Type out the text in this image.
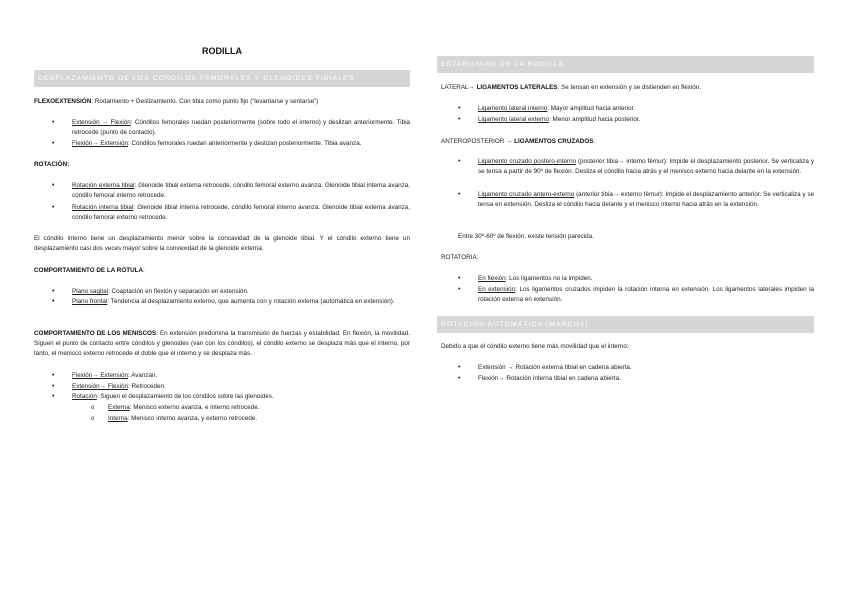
RODILLA
DESPLAZAMIENTO DE LOS CÓNDILOS FEMORALES Y GLENOIDES TIBIALES
FLEXOEXTENSIÓN: Rodamiento + Deslizamiento. Con tibia como punto fijo (“levantarse y sentarse”)
•	Extensión → Flexión: Cóndilos femorales ruedan posteriormente (sobre todo el interno) y deslizan anteriormente. Tibia retrocede (punto de contacto).
•	Flexión→ Extensión: Cóndilos femorales ruedan anteriormente y deslizan posteriormente. Tibia avanza.
ROTACIÓN:
•	Rotación externa tibial: Glenoide tibial externa retrocede, cóndilo femoral externo avanza. Glenoide tibial interna avanza, cóndilo femoral interno retrocede.
•	Rotación interna tibial: Glenoide tibial interna retrocede, cóndilo femoral interno avanza. Glenoide tibial externa avanza, cóndilo femoral externo retrocede.
El cóndilo interno tiene un desplazamiento menor sobre la concavidad de la glenoide tibial. Y el cóndilo externo tiene un desplazamiento casi dos veces mayor sobre la convexidad de la glenoide externa.
COMPORTAMIENTO DE LA RÓTULA:
•	Plano sagital: Coaptación en flexión y separación en extensión.
•	Plano frontal: Tendencia al desplazamiento externo, que aumenta con y rotación externa (automática en extensión).
COMPORTAMIENTO DE LOS MENISCOS: En extensión predomina la transmisión de fuerzas y estabilidad. En flexión, la movilidad. Siguen el punto de contacto entre cóndilos y glenoides (van con los cóndilos), el cóndilo externo se desplaza más que el interno, por tanto, el menisco externo retrocede el doble que el interno y se desplaza más.
•	Flexión→ Extensión: Avanzan.
•	Extensión→ Flexión: Retroceden.
•	Rotación: Siguen el desplazamiento de los cóndilos sobre las glenoides.
o Externa: Menisco externo avanza, e interno retrocede.
o Interna: Menisco interno avanza, y externo retrocede.
ESTABILIDAD DE LA RODILLA
LATERAL→ LIGAMENTOS LATERALES: Se tensan en extensión y se distienden en flexión.
•	Ligamento lateral interno: Mayor amplitud hacia anterior.
•	Ligamento lateral externo: Menor amplitud hacia posterior.
ANTEROPOSTERIOR → LIGAMENTOS CRUZADOS:
•	Ligamento cruzado postero-interno (posterior tibia→ interno fémur): Impide el desplazamiento posterior. Se verticaliza y se tensa a partir de 90º de flexión. Desliza el cóndilo hacia atrás y el menisco externo hacia delante en la extensión.
•	Ligamento cruzado antero-externo (anterior tibia→ externo fémur): Impide el desplazamiento anterior. Se verticaliza y se tensa en extensión. Desliza el cóndilo hacia delante y el menisco interno hacia atrás en la extensión.
Entre 30º-60º de flexión, existe tensión parecida.
ROTATORIA:
•	En flexión: Los ligamentos no la impiden.
•	En extensión: Los ligamentos cruzados impiden la rotación interna en extensión. Los ligamentos laterales impiden la rotación externa en extensión.
ROTACIÓN AUTOMÁTICA (MARCHA)
Debido a que el cóndilo externo tiene más movilidad que el interno:
•	Extensión → Rotación externa tibial en cadena abierta.
•	Flexión→ Rotación interna tibial en cadena abierta.
